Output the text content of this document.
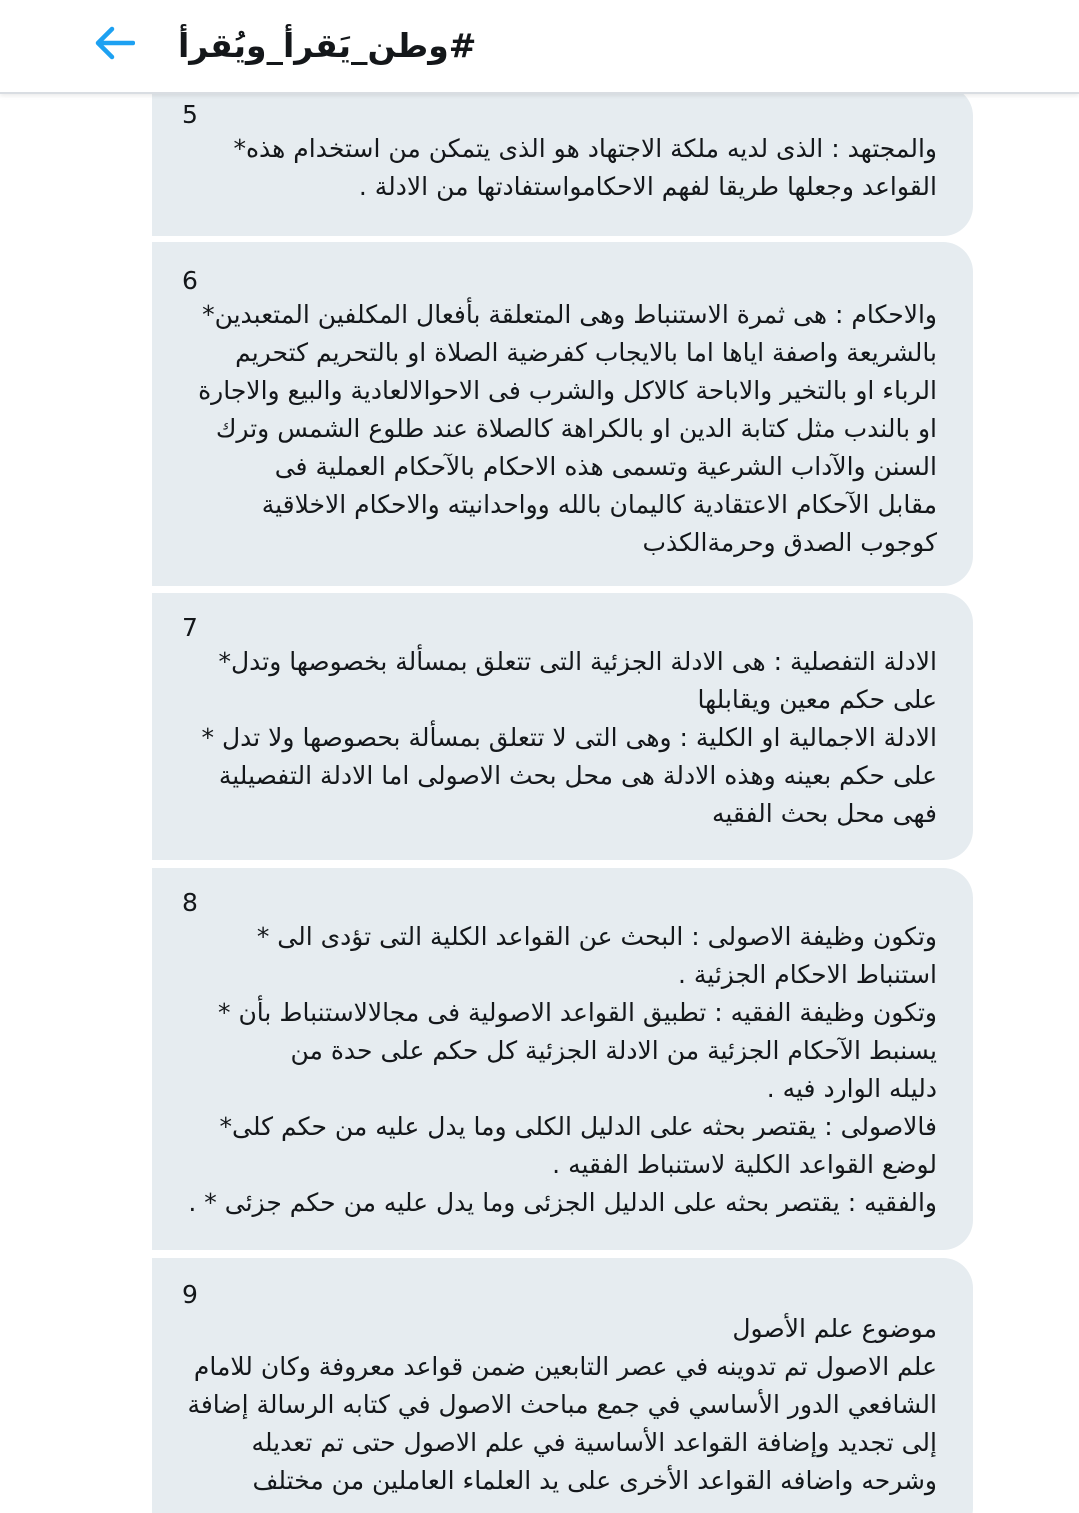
#وطن_يَقرأ_ويُقرأ
5
والمجتهد : الذى لديه ملكة الاجتهاد هو الذى يتمكن من استخدام هذه*
القواعد وجعلها طريقا لفهم الاحكامواستفادتها من الادلة .
6
والاحكام : هى ثمرة الاستنباط وهى المتعلقة بأفعال المكلفين المتعبدين*
بالشريعة واصفة اياها اما بالايجاب كفرضية الصلاة او بالتحريم كتحريم
الرباء او بالتخير والاباحة كالاكل والشرب فى الاحوالالعادية والبيع والاجارة
او بالندب مثل كتابة الدين او بالكراهة كالصلاة عند طلوع الشمس وترك
السنن والآداب الشرعية وتسمى هذه الاحكام بالآحكام العملية فى
مقابل الآحكام الاعتقادية كاليمان بالله وواحدانيته والاحكام الاخلاقية
كوجوب الصدق وحرمةالكذب
7
الادلة التفصلية : هى الادلة الجزئية التى تتعلق بمسألة بخصوصها وتدل*
على حكم معين ويقابلها
الادلة الاجمالية او الكلية : وهى التى لا تتعلق بمسألة بحصوصها ولا تدل *
على حكم بعينه وهذه الادلة هى محل بحث الاصولى اما الادلة التفصيلية
فهى محل بحث الفقيه
8
وتكون وظيفة الاصولى : البحث عن القواعد الكلية التى تؤدى الى *
استنباط الاحكام الجزئية .
وتكون وظيفة الفقيه : تطبيق القواعد الاصولية فى مجالالاستنباط بأن *
يسنبط الآحكام الجزئية من الادلة الجزئية كل حكم على حدة من
دليله الوارد فيه .
فالاصولى : يقتصر بحثه على الدليل الكلى وما يدل عليه من حكم كلى*
لوضع القواعد الكلية لاستنباط الفقيه .
والفقيه : يقتصر بحثه على الدليل الجزئى وما يدل عليه من حكم جزئى * .
9
موضوع علم الأصول
علم الاصول تم تدوينه في عصر التابعين ضمن قواعد معروفة وكان للامام
الشافعي الدور الأساسي في جمع مباحث الاصول في كتابه الرسالة إضافة
إلى تجديد وإضافة القواعد الأساسية في علم الاصول حتى تم تعديله
وشرحه واضافه القواعد الأخرى على يد العلماء العاملين من مختلف
